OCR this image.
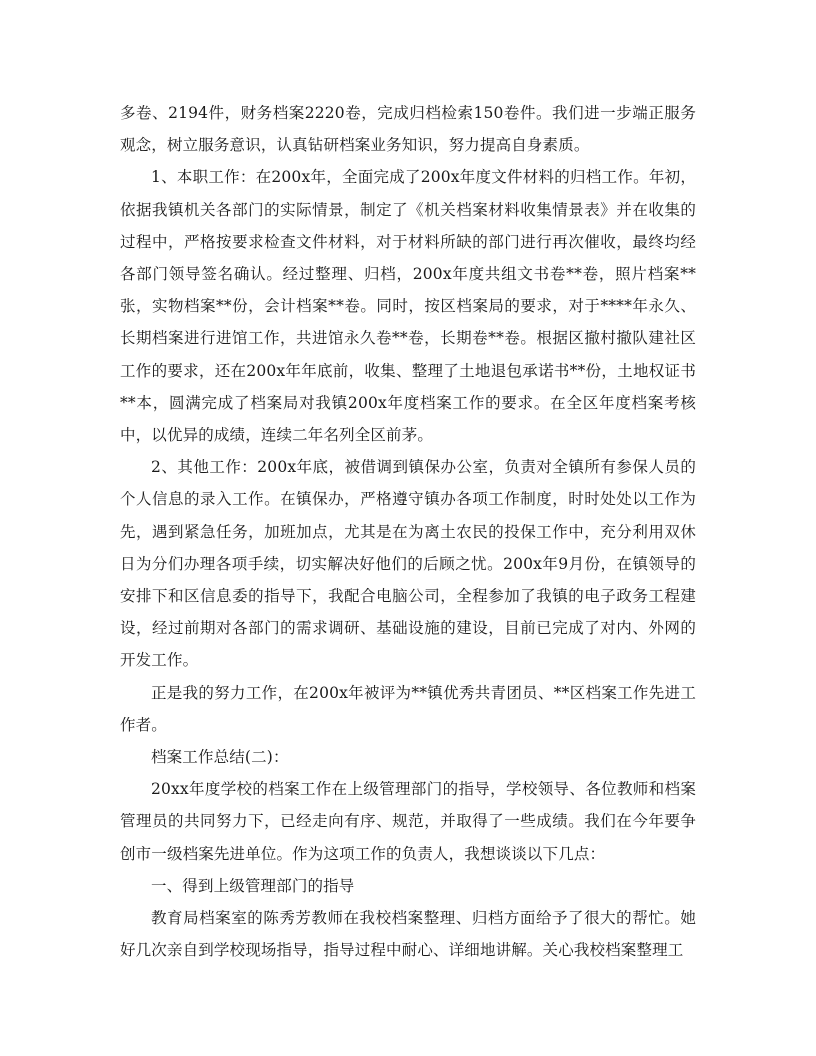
多卷、2194件，财务档案2220卷，完成归档检索150卷件。我们进一步端正服务观念，树立服务意识，认真钻研档案业务知识，努力提高自身素质。

1、本职工作：在200x年，全面完成了200x年度文件材料的归档工作。年初，依据我镇机关各部门的实际情景，制定了《机关档案材料收集情景表》并在收集的过程中，严格按要求检查文件材料，对于材料所缺的部门进行再次催收，最终均经各部门领导签名确认。经过整理、归档，200x年度共组文书卷**卷，照片档案**张，实物档案**份，会计档案**卷。同时，按区档案局的要求，对于****年永久、长期档案进行进馆工作，共进馆永久卷**卷，长期卷**卷。根据区撤村撤队建社区工作的要求，还在200x年年底前，收集、整理了土地退包承诺书**份，土地权证书**本，圆满完成了档案局对我镇200x年度档案工作的要求。在全区年度档案考核中，以优异的成绩，连续二年名列全区前茅。

2、其他工作：200x年底，被借调到镇保办公室，负责对全镇所有参保人员的个人信息的录入工作。在镇保办，严格遵守镇办各项工作制度，时时处处以工作为先，遇到紧急任务，加班加点，尤其是在为离土农民的投保工作中，充分利用双休日为分们办理各项手续，切实解决好他们的后顾之忧。200x年9月份，在镇领导的安排下和区信息委的指导下，我配合电脑公司，全程参加了我镇的电子政务工程建设，经过前期对各部门的需求调研、基础设施的建设，目前已完成了对内、外网的开发工作。

正是我的努力工作，在200x年被评为**镇优秀共青团员、**区档案工作先进工作者。

档案工作总结(二)：

20xx年度学校的档案工作在上级管理部门的指导，学校领导、各位教师和档案管理员的共同努力下，已经走向有序、规范，并取得了一些成绩。我们在今年要争创市一级档案先进单位。作为这项工作的负责人，我想谈谈以下几点：

一、得到上级管理部门的指导

教育局档案室的陈秀芳教师在我校档案整理、归档方面给予了很大的帮忙。她好几次亲自到学校现场指导，指导过程中耐心、详细地讲解。关心我校档案整理工
